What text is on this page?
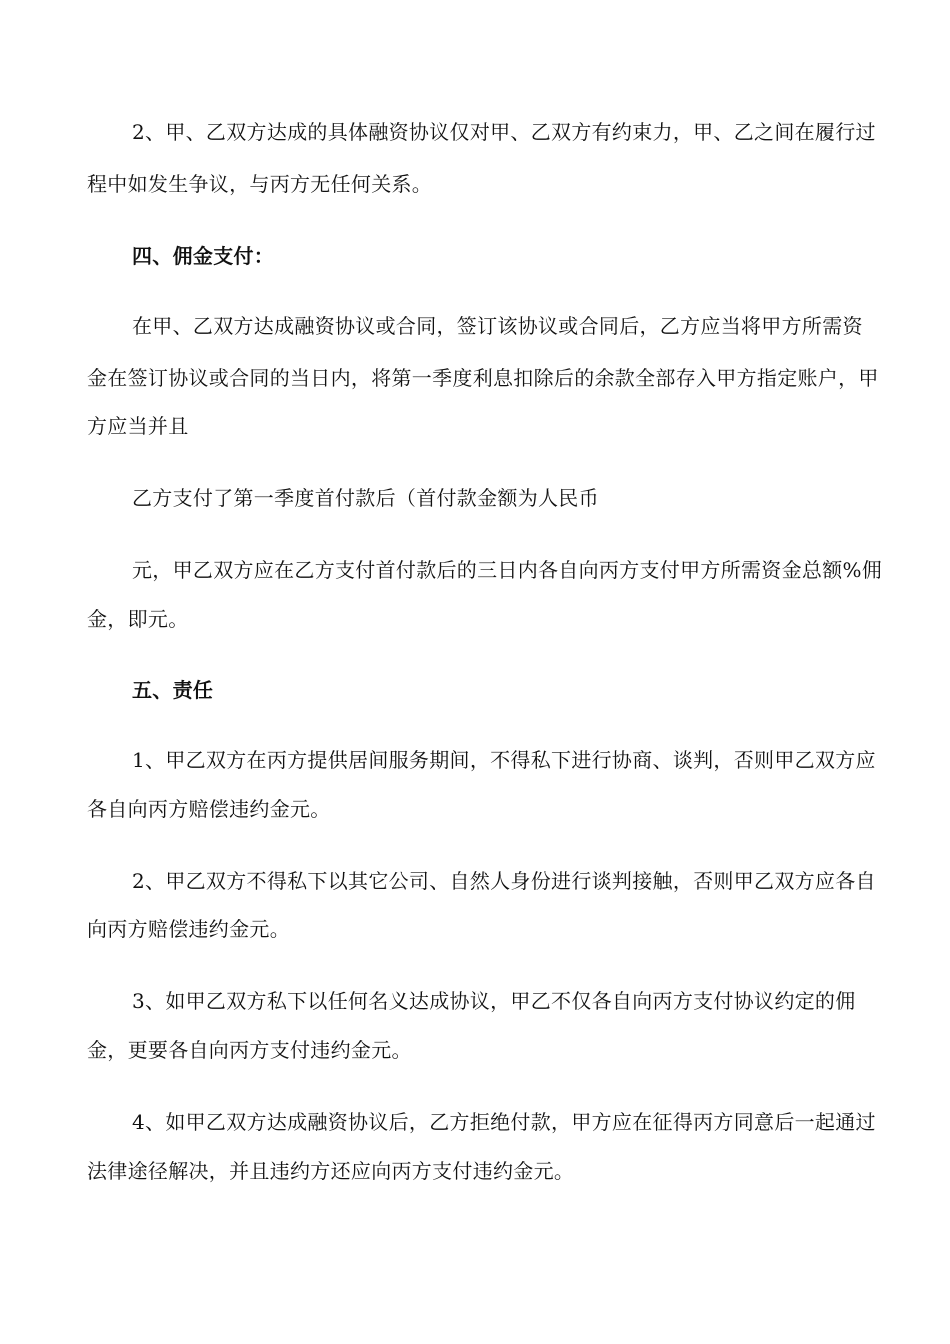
2、甲、乙双方达成的具体融资协议仅对甲、乙双方有约束力，甲、乙之间在履行过

程中如发生争议，与丙方无任何关系。

四、佣金支付：

在甲、乙双方达成融资协议或合同，签订该协议或合同后，乙方应当将甲方所需资

金在签订协议或合同的当日内，将第一季度利息扣除后的余款全部存入甲方指定账户，甲

方应当并且

乙方支付了第一季度首付款后（首付款金额为人民币

元，甲乙双方应在乙方支付首付款后的三日内各自向丙方支付甲方所需资金总额%佣

金，即元。

五、责任

1、甲乙双方在丙方提供居间服务期间，不得私下进行协商、谈判，否则甲乙双方应

各自向丙方赔偿违约金元。

2、甲乙双方不得私下以其它公司、自然人身份进行谈判接触，否则甲乙双方应各自

向丙方赔偿违约金元。

3、如甲乙双方私下以任何名义达成协议，甲乙不仅各自向丙方支付协议约定的佣

金，更要各自向丙方支付违约金元。

4、如甲乙双方达成融资协议后，乙方拒绝付款，甲方应在征得丙方同意后一起通过

法律途径解决，并且违约方还应向丙方支付违约金元。
